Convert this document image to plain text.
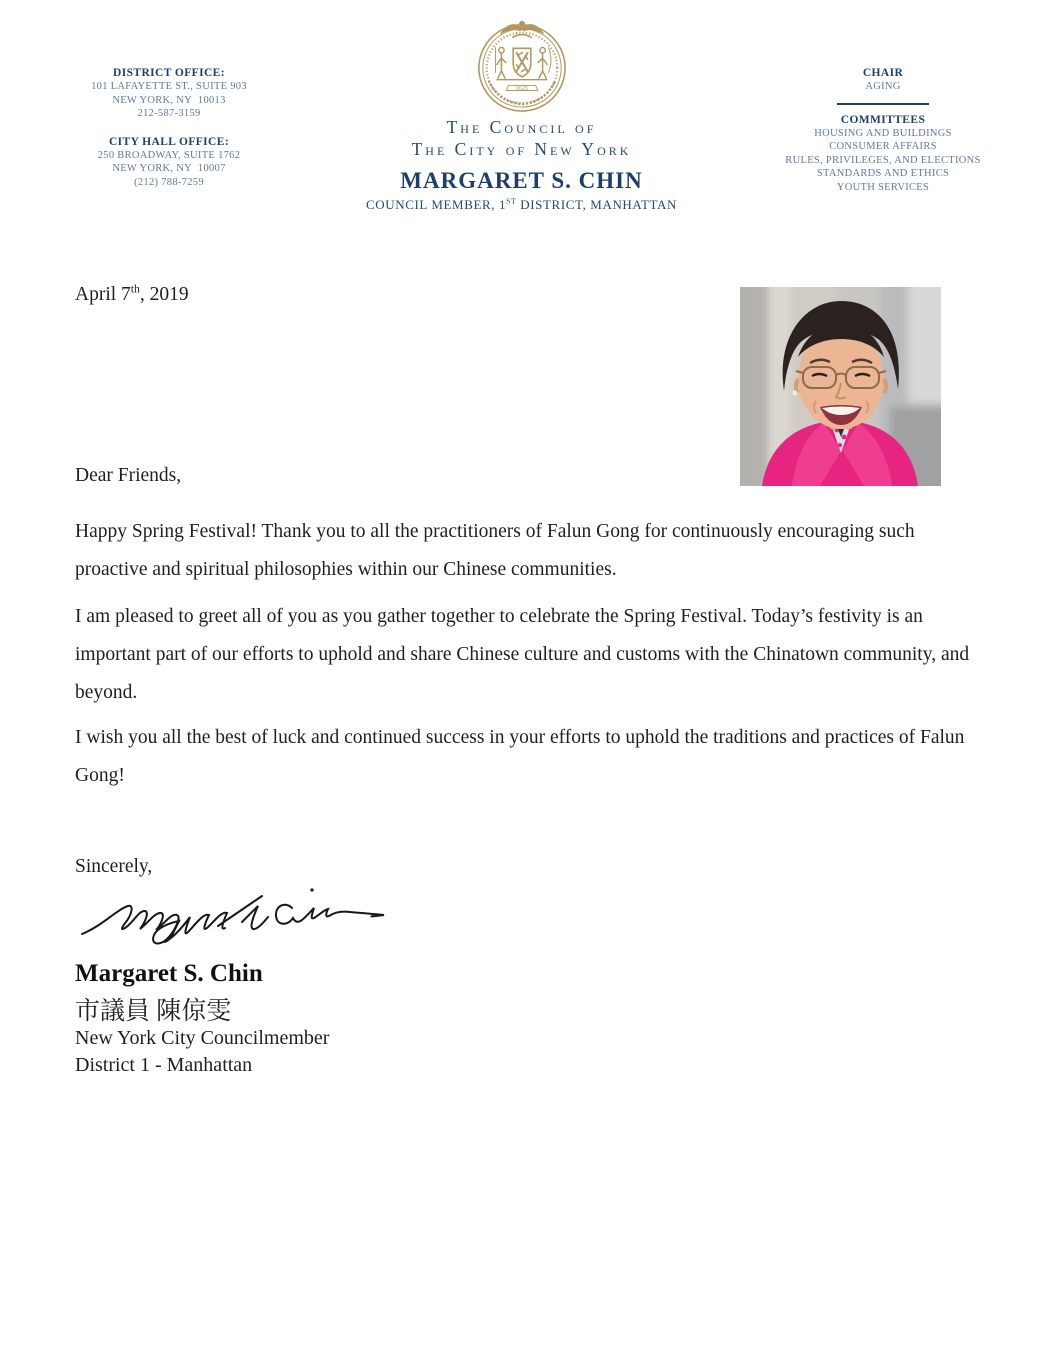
DISTRICT OFFICE:
101 LAFAYETTE ST., SUITE 903
NEW YORK, NY  10013
212-587-3159
CITY HALL OFFICE:
250 BROADWAY, SUITE 1762
NEW YORK, NY  10007
(212) 788-7259
1625
The Council of
The City of New York
MARGARET S. CHIN
COUNCIL MEMBER, 1ST DISTRICT, MANHATTAN
CHAIR
AGING
COMMITTEES
HOUSING AND BUILDINGS
CONSUMER AFFAIRS
RULES, PRIVILEGES, AND ELECTIONS
STANDARDS AND ETHICS
YOUTH SERVICES
April 7th, 2019
Dear Friends,
Happy Spring Festival! Thank you to all the practitioners of Falun Gong for continuously encouraging such proactive and spiritual philosophies within our Chinese communities.
I am pleased to greet all of you as you gather together to celebrate the Spring Festival. Today’s festivity is an important part of our efforts to uphold and share Chinese culture and customs with the Chinatown community, and beyond.
I wish you all the best of luck and continued success in your efforts to uphold the traditions and practices of Falun Gong!
Sincerely,
Margaret S. Chin
市議員 陳倞雯
New York City Councilmember
District 1 - Manhattan
